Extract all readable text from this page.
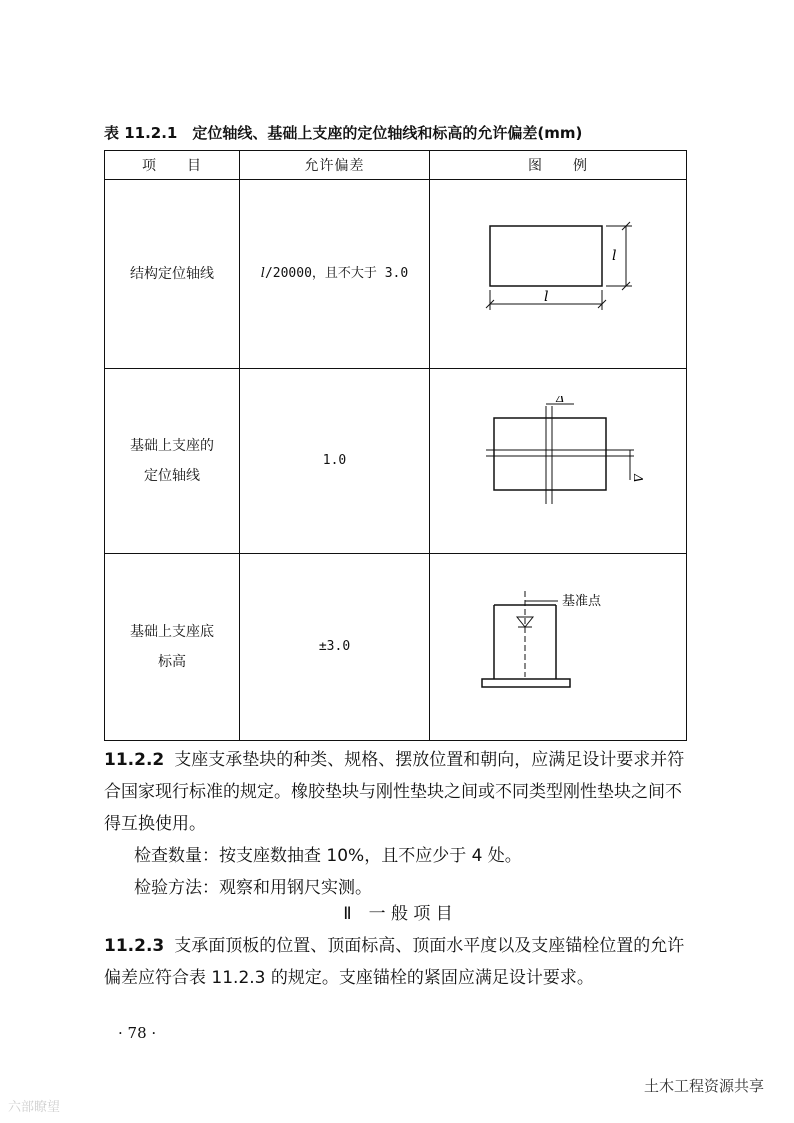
表 11.2.1　定位轴线、基础上支座的定位轴线和标高的允许偏差(mm)
项　　目	允许偏差	图　　例
结构定位轴线	l/20000，且不大于 3.0	l
l

基础上支座的
定位轴线	1.0	Δ
Δ

基础上支座底
标高	±3.0	基准点
11.2.2 支座支承垫块的种类、规格、摆放位置和朝向，应满足设计要求并符合国家现行标准的规定。橡胶垫块与刚性垫块之间或不同类型刚性垫块之间不得互换使用。
检查数量：按支座数抽查 10%，且不应少于 4 处。
检验方法：观察和用钢尺实测。
Ⅱ　一 般 项 目
11.2.3 支承面顶板的位置、顶面标高、顶面水平度以及支座锚栓位置的允许偏差应符合表 11.2.3 的规定。支座锚栓的紧固应满足设计要求。
· 78 ·
土木工程资源共享
六部瞭望
